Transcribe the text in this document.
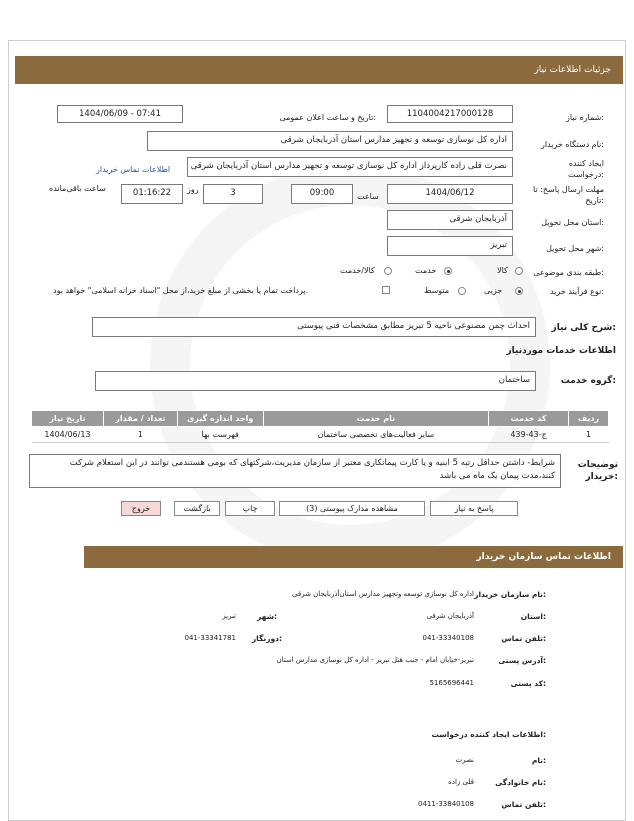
جزئیات اطلاعات نیاز
شماره نیاز:
1104004217000128
تاریخ و ساعت اعلان عمومی:
1404/06/09 - 07:41
نام دستگاه خریدار:
اداره کل نوسازی توسعه و تجهیز مدارس استان آذربایجان شرقی
ایجاد کننده درخواست:
نصرت قلی زاده کارپرداز اداره کل نوسازی توسعه و تجهیز مدارس استان آذربایجان شرقی
اطلاعات تماس خریدار
مهلت ارسال پاسخ: تا تاریخ:
1404/06/12
ساعت
09:00
3
روز
01:16:22
ساعت باقی‌مانده
استان محل تحویل:
آذربایجان شرقی
شهر محل تحویل:
تبریز
طبقه بندی موضوعی:
کالا
خدمت
کالا/خدمت
نوع فرآیند خرید:
جزیی
متوسط
پرداخت تمام یا بخشی از مبلغ خرید،از محل "اسناد خزانه اسلامی" خواهد بود.
شرح کلی نیاز:
احداث چمن مصنوعی ناحیه 5 تبریز مطابق مشخصات فنی پیوستی
اطلاعات خدمات موردنیاز
گروه خدمت:
ساختمان
تاریخ نیاز	تعداد / مقدار	واحد اندازه گیری	نام خدمت	کد خدمت	ردیف
1404/06/13	1	فهرست بها	سایر فعالیت‌های تخصصی ساختمان	ج-43-439	1
توضیحات خریدار:
شرایط- داشتن حداقل رتبه 5 ابنیه و یا کارت پیمانکاری معتبر از سازمان مدیریت،شرکتهای که بومی هستندمی توانند در این استعلام شرکت کنند،مدت پیمان یک ماه می باشد
پاسخ به نیاز
مشاهده مدارک پیوستی (3)
چاپ
بازگشت
خروج
اطلاعات تماس سازمان خریدار
نام سازمان خریدار:
اداره کل نوسازی توسعه وتجهیز مدارس استان‌آذربایجان شرقی
استان:
آذربایجان شرقی
شهر:
تبریز
تلفن تماس:
041-33340108
دورنگار:
041-33341781
آدرس پستی:
تبریز-خیابان امام - جنب هتل تبریز - اداره کل نوسازی مدارس استان
کد پستی:
5165696441
اطلاعات ایجاد کننده درخواست:
نام:
نصرت
نام خانوادگی:
قلی زاده
تلفن تماس:
0411-33840108
